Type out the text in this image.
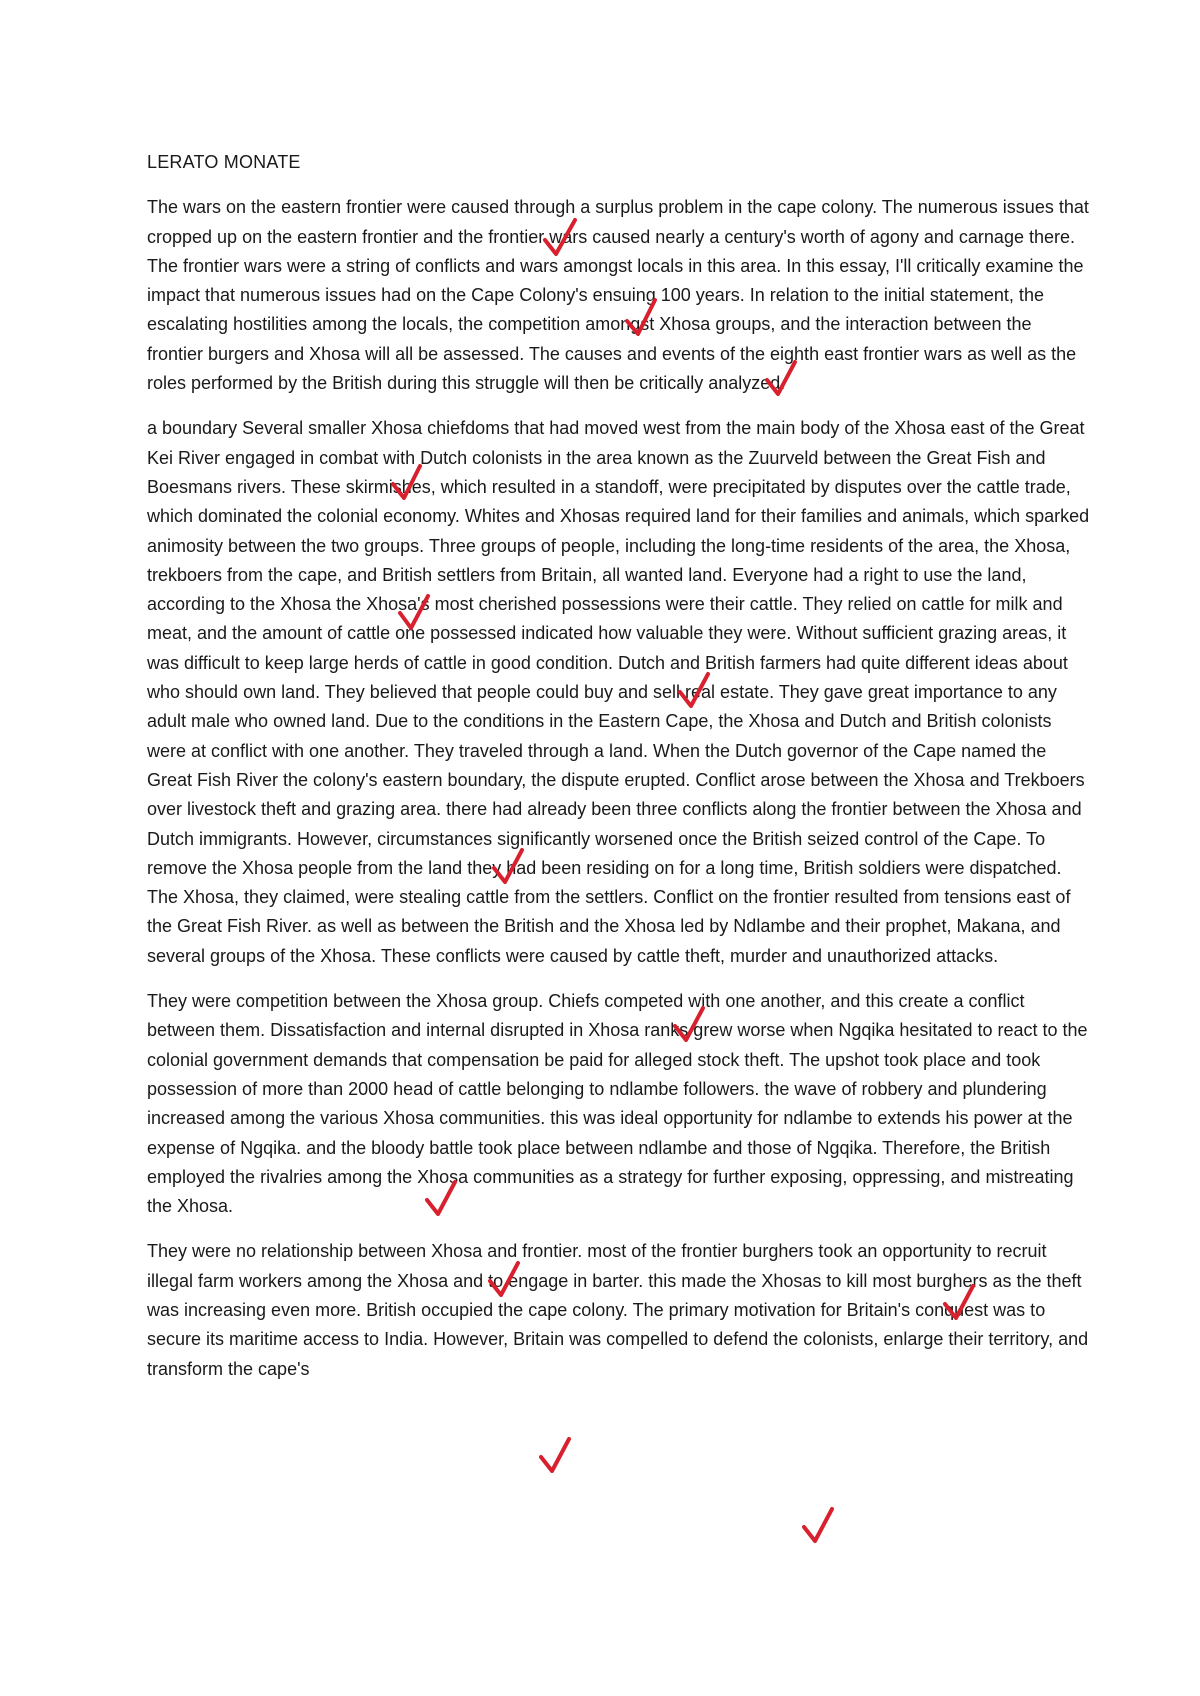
LERATO MONATE

The wars on the eastern frontier were caused through a surplus problem in the cape colony. The numerous issues that cropped up on the eastern frontier and the frontier wars caused nearly a century's worth of agony and carnage there. The frontier wars were a string of conflicts and wars amongst locals in this area. In this essay, I'll critically examine the impact that numerous issues had on the Cape Colony's ensuing 100 years. In relation to the initial statement, the escalating hostilities among the locals, the competition amongst Xhosa groups, and the interaction between the frontier burgers and Xhosa will all be assessed. The causes and events of the eighth east frontier wars as well as the roles performed by the British during this struggle will then be critically analyzed.

a boundary Several smaller Xhosa chiefdoms that had moved west from the main body of the Xhosa east of the Great Kei River engaged in combat with Dutch colonists in the area known as the Zuurveld between the Great Fish and Boesmans rivers. These skirmishes, which resulted in a standoff, were precipitated by disputes over the cattle trade, which dominated the colonial economy. Whites and Xhosas required land for their families and animals, which sparked animosity between the two groups. Three groups of people, including the long-time residents of the area, the Xhosa, trekboers from the cape, and British settlers from Britain, all wanted land. Everyone had a right to use the land, according to the Xhosa the Xhosa's most cherished possessions were their cattle. They relied on cattle for milk and meat, and the amount of cattle one possessed indicated how valuable they were. Without sufficient grazing areas, it was difficult to keep large herds of cattle in good condition. Dutch and British farmers had quite different ideas about who should own land. They believed that people could buy and sell real estate. They gave great importance to any adult male who owned land. Due to the conditions in the Eastern Cape, the Xhosa and Dutch and British colonists were at conflict with one another. They traveled through a land. When the Dutch governor of the Cape named the Great Fish River the colony's eastern boundary, the dispute erupted. Conflict arose between the Xhosa and Trekboers over livestock theft and grazing area. there had already been three conflicts along the frontier between the Xhosa and Dutch immigrants. However, circumstances significantly worsened once the British seized control of the Cape. To remove the Xhosa people from the land they had been residing on for a long time, British soldiers were dispatched. The Xhosa, they claimed, were stealing cattle from the settlers. Conflict on the frontier resulted from tensions east of the Great Fish River. as well as between the British and the Xhosa led by Ndlambe and their prophet, Makana, and several groups of the Xhosa. These conflicts were caused by cattle theft, murder and unauthorized attacks.

They were competition between the Xhosa group. Chiefs competed with one another, and this create a conflict between them. Dissatisfaction and internal disrupted in Xhosa ranks grew worse when Ngqika hesitated to react to the colonial government demands that compensation be paid for alleged stock theft. The upshot took place and took possession of more than 2000 head of cattle belonging to ndlambe followers. the wave of robbery and plundering increased among the various Xhosa communities. this was ideal opportunity for ndlambe to extends his power at the expense of Ngqika. and the bloody battle took place between ndlambe and those of Ngqika. Therefore, the British employed the rivalries among the Xhosa communities as a strategy for further exposing, oppressing, and mistreating the Xhosa.

They were no relationship between Xhosa and frontier. most of the frontier burghers took an opportunity to recruit illegal farm workers among the Xhosa and to engage in barter. this made the Xhosas to kill most burghers as the theft was increasing even more. British occupied the cape colony. The primary motivation for Britain's conquest was to secure its maritime access to India. However, Britain was compelled to defend the colonists, enlarge their territory, and transform the cape's
